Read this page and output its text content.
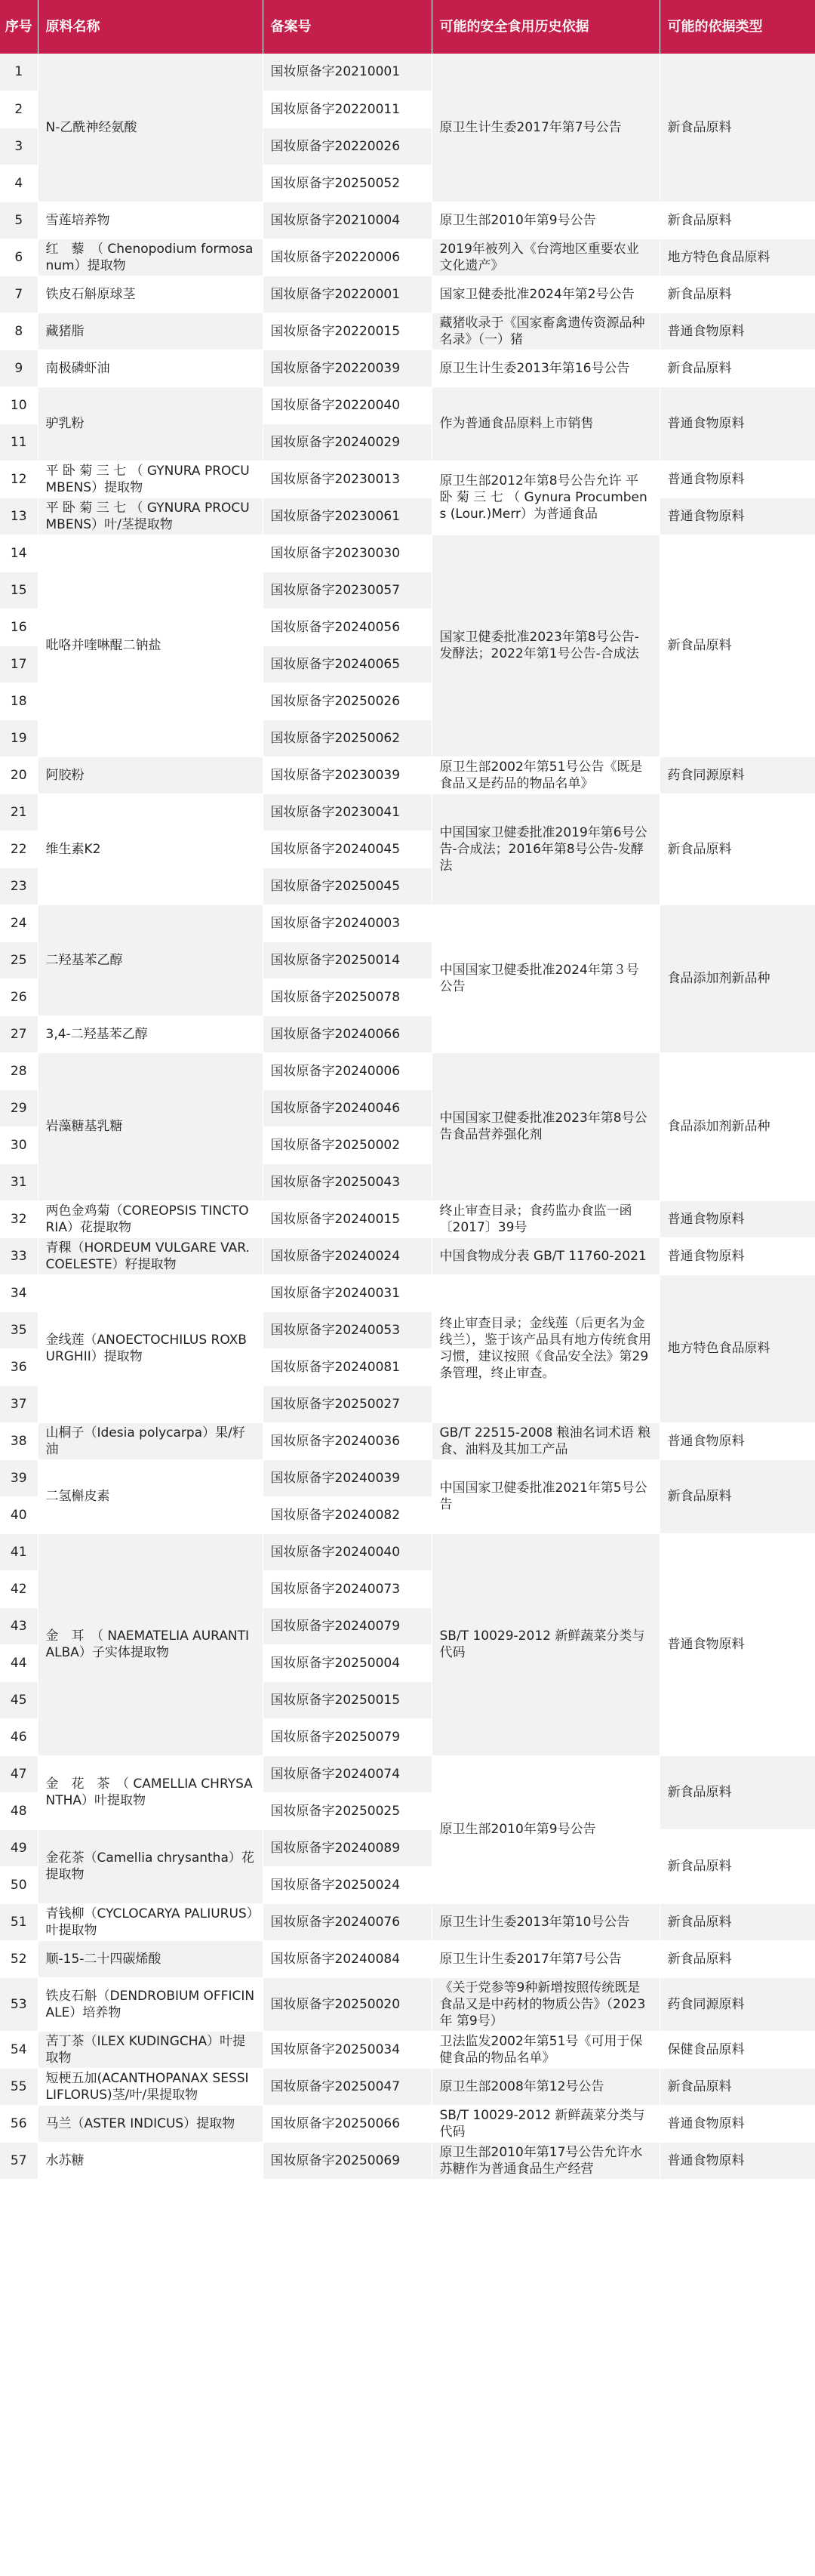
序号	原料名称	备案号	可能的安全食用历史依据	可能的依据类型
1	N-乙酰神经氨酸	国妆原备字20210001	原卫生计生委2017年第7号公告	新食品原料
2		国妆原备字20220011		
3		国妆原备字20220026		
4		国妆原备字20250052		
5	雪莲培养物	国妆原备字20210004	原卫生部2010年第9号公告	新食品原料
6	红　藜　（ Chenopodium formosanum）提取物	国妆原备字20220006	2019年被列入《台湾地区重要农业文化遗产》	地方特色食品原料
7	铁皮石斛原球茎	国妆原备字20220001	国家卫健委批准2024年第2号公告	新食品原料
8	藏猪脂	国妆原备字20220015	藏猪收录于《国家畜禽遗传资源品种名录》（一）猪	普通食物原料
9	南极磷虾油	国妆原备字20220039	原卫生计生委2013年第16号公告	新食品原料
10	驴乳粉	国妆原备字20220040	作为普通食品原料上市销售	普通食物原料
11		国妆原备字20240029		
12	平 卧 菊 三 七 （ GYNURA PROCUMBENS）提取物	国妆原备字20230013	原卫生部2012年第8号公告允许 平 卧 菊 三 七 （ Gynura Procumbens (Lour.)Merr）为普通食品	普通食物原料
13	平 卧 菊 三 七 （ GYNURA PROCUMBENS）叶/茎提取物	国妆原备字20230061		普通食物原料
14	吡咯并喹啉醌二钠盐	国妆原备字20230030	国家卫健委批准2023年第8号公告-发酵法；2022年第1号公告-合成法	新食品原料
15		国妆原备字20230057		
16		国妆原备字20240056		
17		国妆原备字20240065		
18		国妆原备字20250026		
19		国妆原备字20250062		
20	阿胶粉	国妆原备字20230039	原卫生部2002年第51号公告《既是食品又是药品的物品名单》	药食同源原料
21	维生素K2	国妆原备字20230041	中国国家卫健委批准2019年第6号公告-合成法；2016年第8号公告-发酵法	新食品原料
22		国妆原备字20240045		
23		国妆原备字20250045		
24	二羟基苯乙醇	国妆原备字20240003	中国国家卫健委批准2024年第３号公告	食品添加剂新品种
25		国妆原备字20250014		
26		国妆原备字20250078		
27	3,4-二羟基苯乙醇	国妆原备字20240066		
28	岩藻糖基乳糖	国妆原备字20240006	中国国家卫健委批准2023年第8号公告食品营养强化剂	食品添加剂新品种
29		国妆原备字20240046		
30		国妆原备字20250002		
31		国妆原备字20250043		
32	两色金鸡菊（COREOPSIS TINCTORIA）花提取物	国妆原备字20240015	终止审查目录；食药监办食监一函〔2017〕39号	普通食物原料
33	青稞（HORDEUM VULGARE VAR. COELESTE）籽提取物	国妆原备字20240024	中国食物成分表 GB/T 11760-2021	普通食物原料
34	金线莲（ANOECTOCHILUS ROXBURGHII）提取物	国妆原备字20240031	终止审查目录；金线莲（后更名为金线兰），鉴于该产品具有地方传统食用习惯，建议按照《食品安全法》第29条管理，终止审查。	地方特色食品原料
35		国妆原备字20240053		
36		国妆原备字20240081		
37		国妆原备字20250027		
38	山桐子（Idesia polycarpa）果/籽油	国妆原备字20240036	GB/T 22515-2008 粮油名词术语 粮食、油料及其加工产品	普通食物原料
39	二氢槲皮素	国妆原备字20240039	中国国家卫健委批准2021年第5号公告	新食品原料
40		国妆原备字20240082		
41	金　耳　（ NAEMATELIA AURANTIALBA）子实体提取物	国妆原备字20240040	SB/T 10029-2012 新鲜蔬菜分类与代码	普通食物原料
42		国妆原备字20240073		
43		国妆原备字20240079		
44		国妆原备字20250004		
45		国妆原备字20250015		
46		国妆原备字20250079		
47	金　花　茶　（ CAMELLIA CHRYSANTHA）叶提取物	国妆原备字20240074	原卫生部2010年第9号公告	新食品原料
48		国妆原备字20250025		
49	金花茶（Camellia chrysantha）花提取物	国妆原备字20240089		新食品原料
50		国妆原备字20250024		
51	青钱柳（CYCLOCARYA PALIURUS）叶提取物	国妆原备字20240076	原卫生计生委2013年第10号公告	新食品原料
52	顺-15-二十四碳烯酸	国妆原备字20240084	原卫生计生委2017年第7号公告	新食品原料
53	铁皮石斛（DENDROBIUM OFFICINALE）培养物	国妆原备字20250020	《关于党参等9种新增按照传统既是食品又是中药材的物质公告》（2023年 第9号）	药食同源原料
54	苦丁茶（ILEX KUDINGCHA）叶提取物	国妆原备字20250034	卫法监发2002年第51号《可用于保健食品的物品名单》	保健食品原料
55	短梗五加(ACANTHOPANAX SESSILIFLORUS)茎/叶/果提取物	国妆原备字20250047	原卫生部2008年第12号公告	新食品原料
56	马兰（ASTER INDICUS）提取物	国妆原备字20250066	SB/T 10029-2012 新鲜蔬菜分类与代码	普通食物原料
57	水苏糖	国妆原备字20250069	原卫生部2010年第17号公告允许水苏糖作为普通食品生产经营	普通食物原料
